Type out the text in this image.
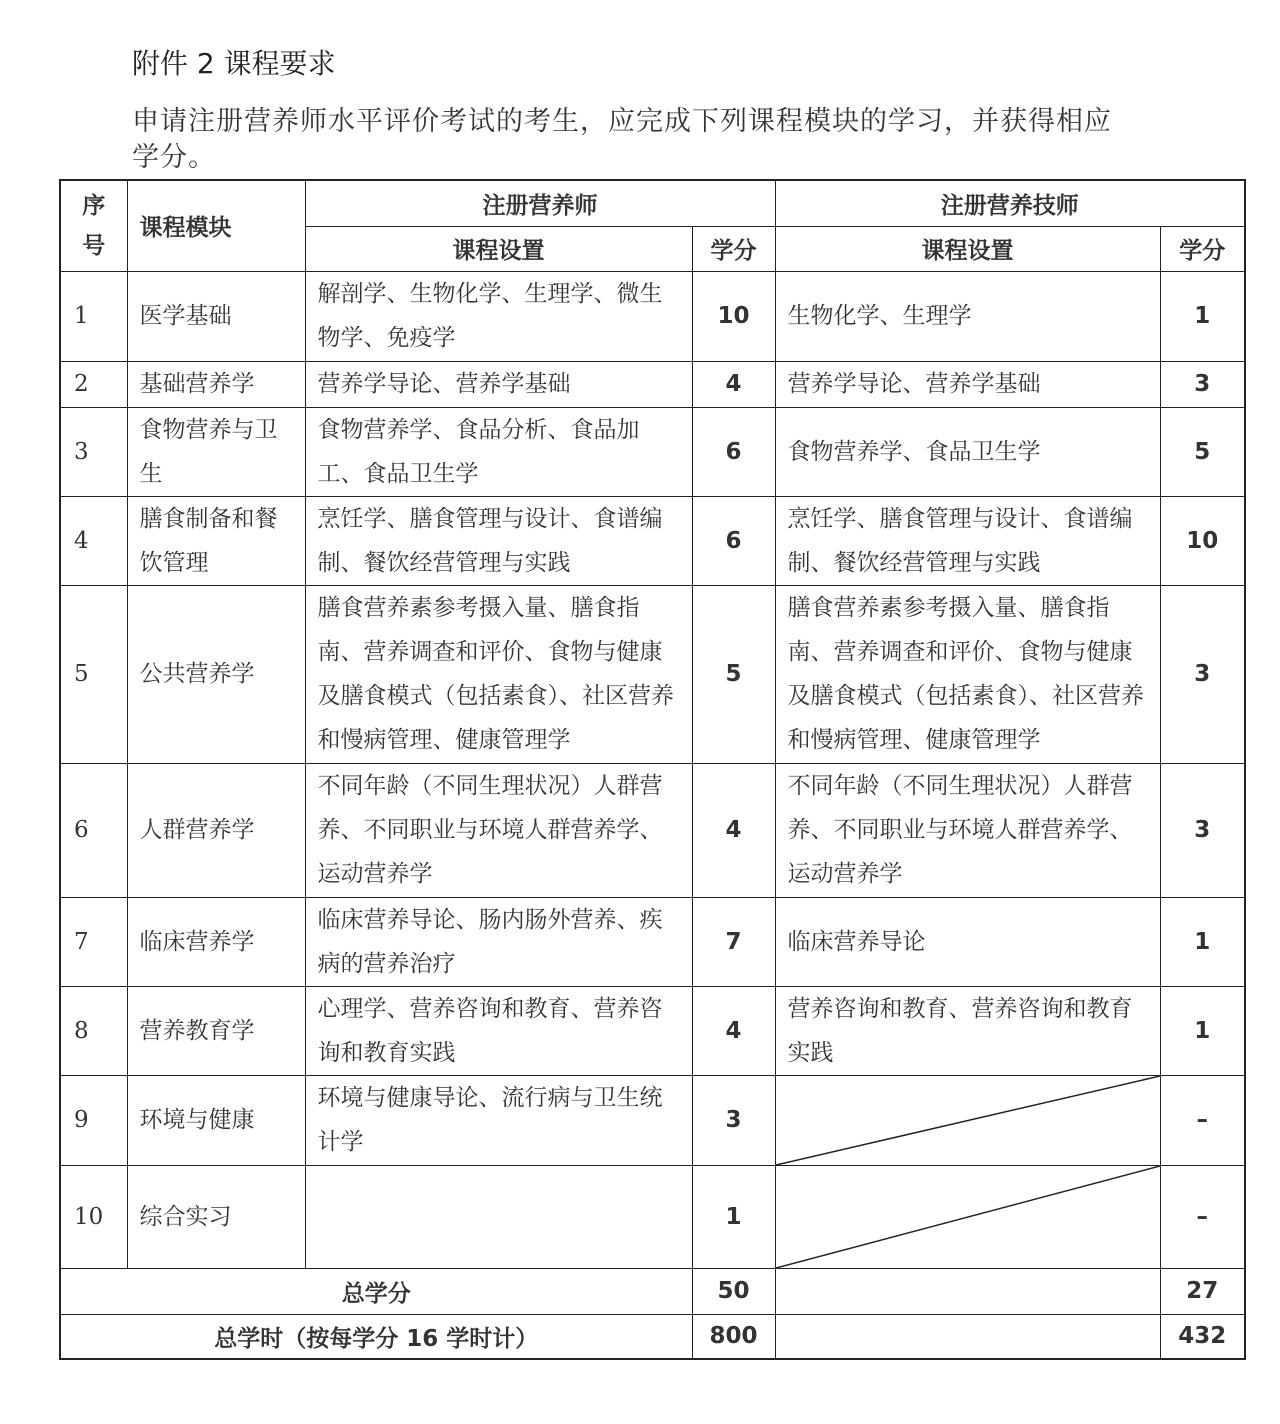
附件 2 课程要求
申请注册营养师水平评价考试的考生，应完成下列课程模块的学习，并获得相应学分。
序号	课程模块	注册营养师		注册营养技师	
		课程设置	学分	课程设置	学分
1	医学基础	解剖学、生物化学、生理学、微生物学、免疫学	10	生物化学、生理学	1
2	基础营养学	营养学导论、营养学基础	4	营养学导论、营养学基础	3
3	食物营养与卫生	食物营养学、食品分析、食品加工、食品卫生学	6	食物营养学、食品卫生学	5
4	膳食制备和餐饮管理	烹饪学、膳食管理与设计、食谱编制、餐饮经营管理与实践	6	烹饪学、膳食管理与设计、食谱编制、餐饮经营管理与实践	10
5	公共营养学	膳食营养素参考摄入量、膳食指南、营养调查和评价、食物与健康及膳食模式（包括素食）、社区营养和慢病管理、健康管理学	5	膳食营养素参考摄入量、膳食指南、营养调查和评价、食物与健康及膳食模式（包括素食）、社区营养和慢病管理、健康管理学	3
6	人群营养学	不同年龄（不同生理状况）人群营养、不同职业与环境人群营养学、运动营养学	4	不同年龄（不同生理状况）人群营养、不同职业与环境人群营养学、运动营养学	3
7	临床营养学	临床营养导论、肠内肠外营养、疾病的营养治疗	7	临床营养导论	1
8	营养教育学	心理学、营养咨询和教育、营养咨询和教育实践	4	营养咨询和教育、营养咨询和教育实践	1
9	环境与健康	环境与健康导论、流行病与卫生统计学	3		–
10	综合实习		1		–
总学分			50		27
总学时（按每学分 16 学时计）			800		432
